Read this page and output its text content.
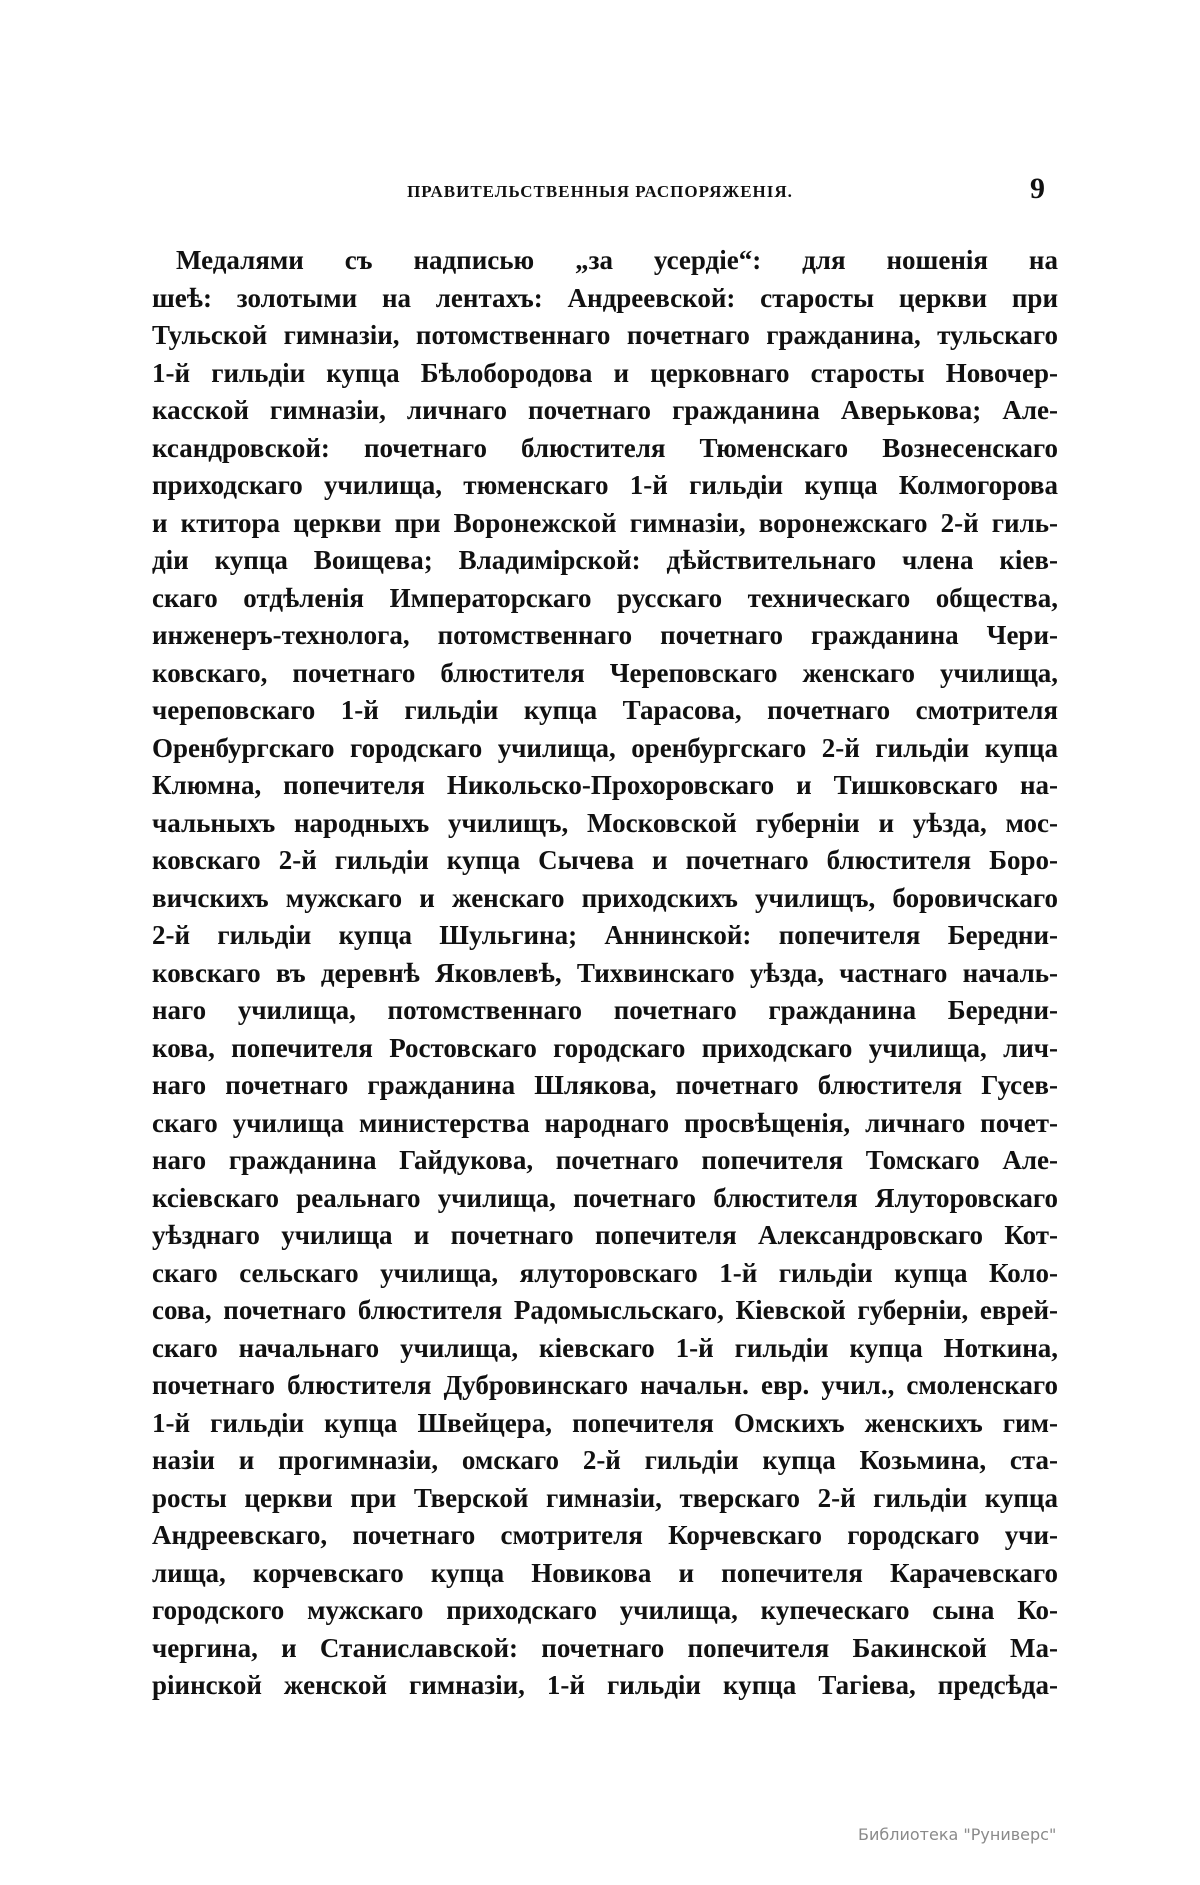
ПРАВИТЕЛЬСТВЕННЫЯ РАСПОРЯЖЕНІЯ.	9
Медалями съ надписью „за усердіе“: для ношенія на
шеѣ: золотыми на лентахъ: Андреевской: старосты церкви при
Тульской гимназіи, потомственнаго почетнаго гражданина, тульскаго
1-й гильдіи купца Бѣлобородова и церковнаго старосты Новочер-
касской гимназіи, личнаго почетнаго гражданина Аверькова; Але-
ксандровской: почетнаго блюстителя Тюменскаго Вознесенскаго
приходскаго училища, тюменскаго 1-й гильдіи купца Колмогорова
и ктитора церкви при Воронежской гимназіи, воронежскаго 2-й гиль-
діи купца Воищева; Владимірской: дѣйствительнаго члена кіев-
скаго отдѣленія Императорскаго русскаго техническаго общества,
инженеръ-технолога, потомственнаго почетнаго гражданина Чери-
ковскаго, почетнаго блюстителя Череповскаго женскаго училища,
череповскаго 1-й гильдіи купца Тарасова, почетнаго смотрителя
Оренбургскаго городскаго училища, оренбургскаго 2-й гильдіи купца
Клюмна, попечителя Никольско-Прохоровскаго и Тишковскаго на-
чальныхъ народныхъ училищъ, Московской губерніи и уѣзда, мос-
ковскаго 2-й гильдіи купца Сычева и почетнаго блюстителя Боро-
вичскихъ мужскаго и женскаго приходскихъ училищъ, боровичскаго
2-й гильдіи купца Шульгина; Аннинской: попечителя Бередни-
ковскаго въ деревнѣ Яковлевѣ, Тихвинскаго уѣзда, частнаго началь-
наго училища, потомственнаго почетнаго гражданина Бередни-
кова, попечителя Ростовскаго городскаго приходскаго училища, лич-
наго почетнаго гражданина Шлякова, почетнаго блюстителя Гусев-
скаго училища министерства народнаго просвѣщенія, личнаго почет-
наго гражданина Гайдукова, почетнаго попечителя Томскаго Але-
ксіевскаго реальнаго училища, почетнаго блюстителя Ялуторовскаго
уѣзднаго училища и почетнаго попечителя Александровскаго Кот-
скаго сельскаго училища, ялуторовскаго 1-й гильдіи купца Коло-
сова, почетнаго блюстителя Радомысльскаго, Кіевской губерніи, еврей-
скаго начальнаго училища, кіевскаго 1-й гильдіи купца Ноткина,
почетнаго блюстителя Дубровинскаго начальн. евр. учил., смоленскаго
1-й гильдіи купца Швейцера, попечителя Омскихъ женскихъ гим-
назіи и прогимназіи, омскаго 2-й гильдіи купца Козьмина, ста-
росты церкви при Тверской гимназіи, тверскаго 2-й гильдіи купца
Андреевскаго, почетнаго смотрителя Корчевскаго городскаго учи-
лища, корчевскаго купца Новикова и попечителя Карачевскаго
городского мужскаго приходскаго училища, купеческаго сына Ко-
чергина, и Станиславской: почетнаго попечителя Бакинской Ма-
ріинской женской гимназіи, 1-й гильдіи купца Тагіева, предсѣда-
Библиотека "Руниверс"
